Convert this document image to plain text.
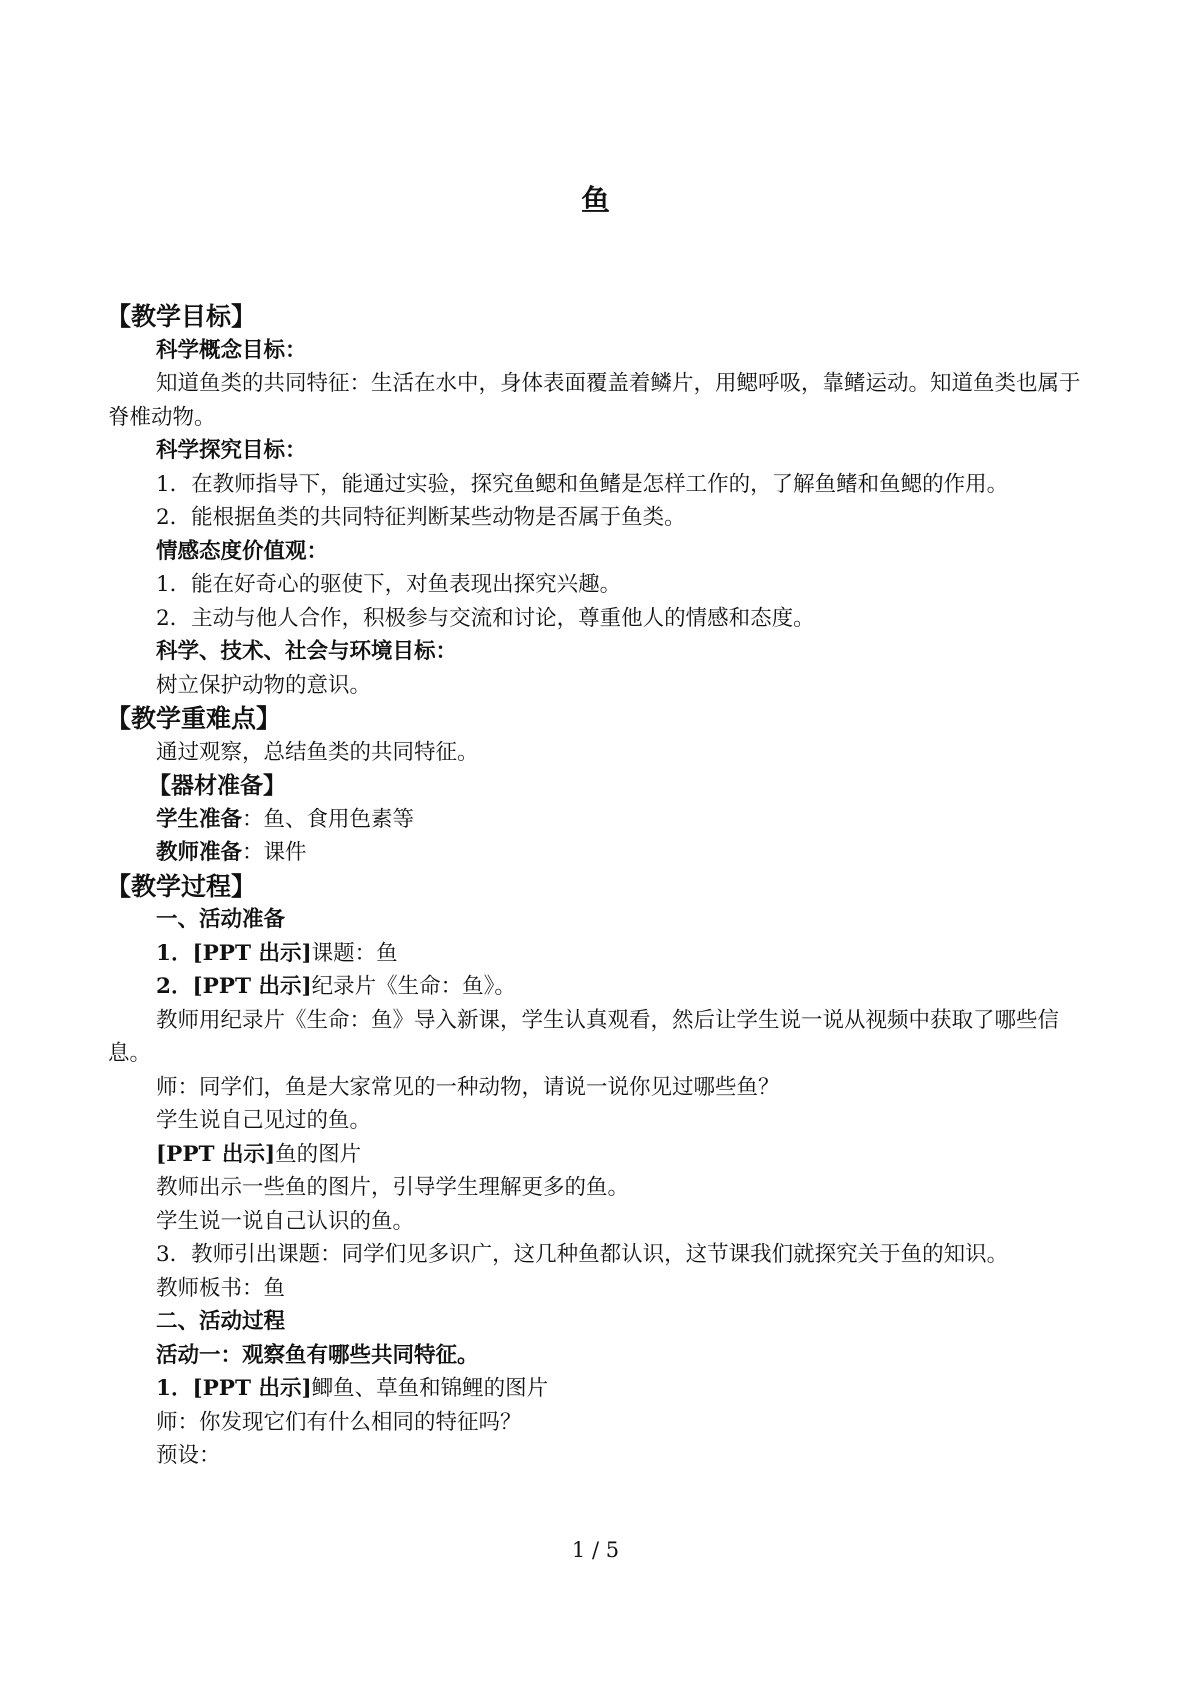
鱼
【教学目标】
科学概念目标：
知道鱼类的共同特征：生活在水中，身体表面覆盖着鳞片，用鳃呼吸，靠鳍运动。知道鱼类也属于脊椎动物。
科学探究目标：
1．在教师指导下，能通过实验，探究鱼鳃和鱼鳍是怎样工作的，了解鱼鳍和鱼鳃的作用。
2．能根据鱼类的共同特征判断某些动物是否属于鱼类。
情感态度价值观：
1．能在好奇心的驱使下，对鱼表现出探究兴趣。
2．主动与他人合作，积极参与交流和讨论，尊重他人的情感和态度。
科学、技术、社会与环境目标：
树立保护动物的意识。
【教学重难点】
通过观察，总结鱼类的共同特征。
【器材准备】
学生准备：鱼、食用色素等
教师准备：课件
【教学过程】
一、活动准备
1．[PPT 出示]课题：鱼
2．[PPT 出示]纪录片《生命：鱼》。
教师用纪录片《生命：鱼》导入新课，学生认真观看，然后让学生说一说从视频中获取了哪些信息。
师：同学们，鱼是大家常见的一种动物，请说一说你见过哪些鱼？
学生说自己见过的鱼。
[PPT 出示]鱼的图片
教师出示一些鱼的图片，引导学生理解更多的鱼。
学生说一说自己认识的鱼。
3．教师引出课题：同学们见多识广，这几种鱼都认识，这节课我们就探究关于鱼的知识。
教师板书：鱼
二、活动过程
活动一：观察鱼有哪些共同特征。
1．[PPT 出示]鲫鱼、草鱼和锦鲤的图片
师：你发现它们有什么相同的特征吗？
预设：
1 / 5
